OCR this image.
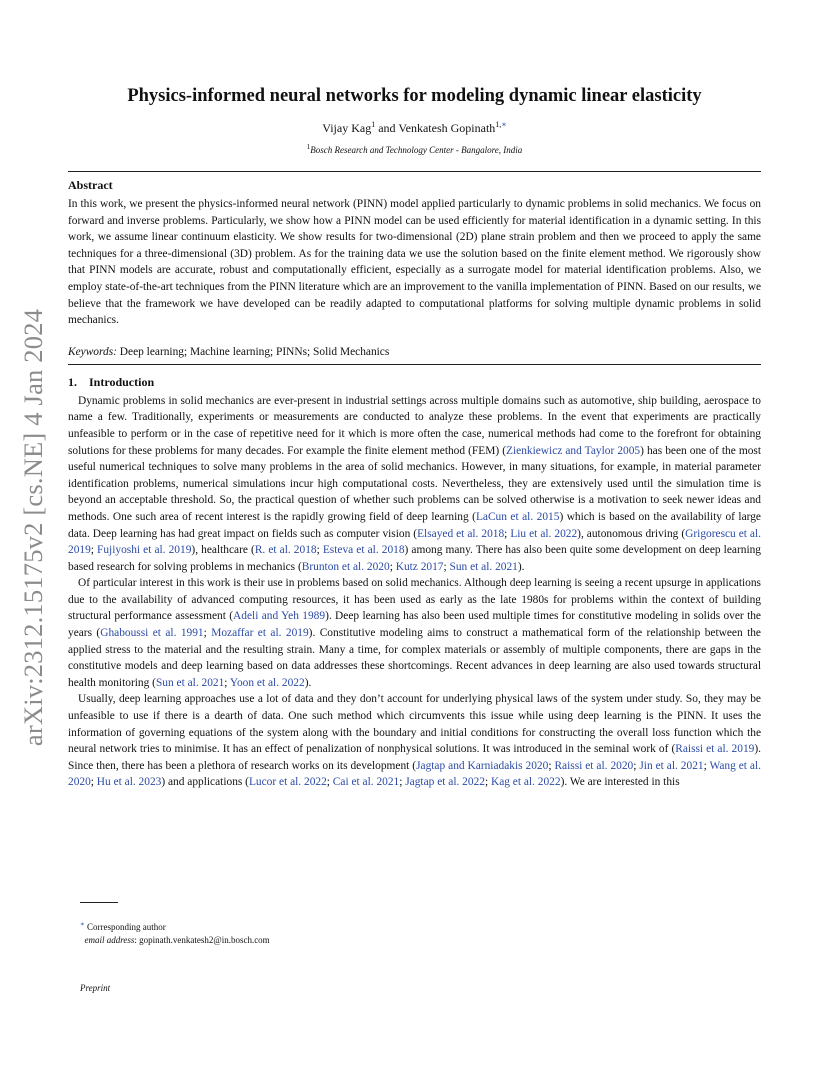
arXiv:2312.15175v2 [cs.NE] 4 Jan 2024
Physics-informed neural networks for modeling dynamic linear elasticity
Vijay Kag$^1$ and Venkatesh Gopinath$^{1,∗}$
$^1$Bosch Research and Technology Center - Bangalore, India
Abstract
In this work, we present the physics-informed neural network (PINN) model applied particularly to dynamic problems in solid mechanics. We focus on forward and inverse problems. Particularly, we show how a PINN model can be used efficiently for material identification in a dynamic setting. In this work, we assume linear continuum elasticity. We show results for two-dimensional (2D) plane strain problem and then we proceed to apply the same techniques for a three-dimensional (3D) problem. As for the training data we use the solution based on the finite element method. We rigorously show that PINN models are accurate, robust and computationally efficient, especially as a surrogate model for material identification problems. Also, we employ state-of-the-art techniques from the PINN literature which are an improvement to the vanilla implementation of PINN. Based on our results, we believe that the framework we have developed can be readily adapted to computational platforms for solving multiple dynamic problems in solid mechanics.
Keywords: Deep learning; Machine learning; PINNs; Solid Mechanics
1. Introduction

Dynamic problems in solid mechanics are ever-present in industrial settings across multiple domains such as automotive, ship building, aerospace to name a few. Traditionally, experiments or measurements are conducted to analyze these problems. In the event that experiments are practically unfeasible to perform or in the case of repetitive need for it which is more often the case, numerical methods had come to the forefront for obtaining solutions for these problems for many decades. For example the finite element method (FEM) (Zienkiewicz and Taylor 2005) has been one of the most useful numerical techniques to solve many problems in the area of solid mechanics. However, in many situations, for example, in material parameter identification problems, numerical simulations incur high computational costs. Nevertheless, they are extensively used until the simulation time is beyond an acceptable threshold. So, the practical question of whether such problems can be solved otherwise is a motivation to seek newer ideas and methods. One such area of recent interest is the rapidly growing field of deep learning (LaCun et al. 2015) which is based on the availability of large data. Deep learning has had great impact on fields such as computer vision (Elsayed et al. 2018; Liu et al. 2022), autonomous driving (Grigorescu et al. 2019; Fujiyoshi et al. 2019), healthcare (R. et al. 2018; Esteva et al. 2018) among many. There has also been quite some development on deep learning based research for solving problems in mechanics (Brunton et al. 2020; Kutz 2017; Sun et al. 2021).

Of particular interest in this work is their use in problems based on solid mechanics. Although deep learning is seeing a recent upsurge in applications due to the availability of advanced computing resources, it has been used as early as the late 1980s for problems within the context of building structural performance assessment (Adeli and Yeh 1989). Deep learning has also been used multiple times for constitutive modeling in solids over the years (Ghaboussi et al. 1991; Mozaffar et al. 2019). Constitutive modeling aims to construct a mathematical form of the relationship between the applied stress to the material and the resulting strain. Many a time, for complex materials or assembly of multiple components, there are gaps in the constitutive models and deep learning based on data addresses these shortcomings. Recent advances in deep learning are also used towards structural health monitoring (Sun et al. 2021; Yoon et al. 2022).

Usually, deep learning approaches use a lot of data and they don’t account for underlying physical laws of the system under study. So, they may be unfeasible to use if there is a dearth of data. One such method which circumvents this issue while using deep learning is the PINN. It uses the information of governing equations of the system along with the boundary and initial conditions for constructing the overall loss function which the neural network tries to minimise. It has an effect of penalization of nonphysical solutions. It was introduced in the seminal work of (Raissi et al. 2019). Since then, there has been a plethora of research works on its development (Jagtap and Karniadakis 2020; Raissi et al. 2020; Jin et al. 2021; Wang et al. 2020; Hu et al. 2023) and applications (Lucor et al. 2022; Cai et al. 2021; Jagtap et al. 2022; Kag et al. 2022). We are interested in this

∗ Corresponding author
email address: gopinath.venkatesh2@in.bosch.com
Preprint
